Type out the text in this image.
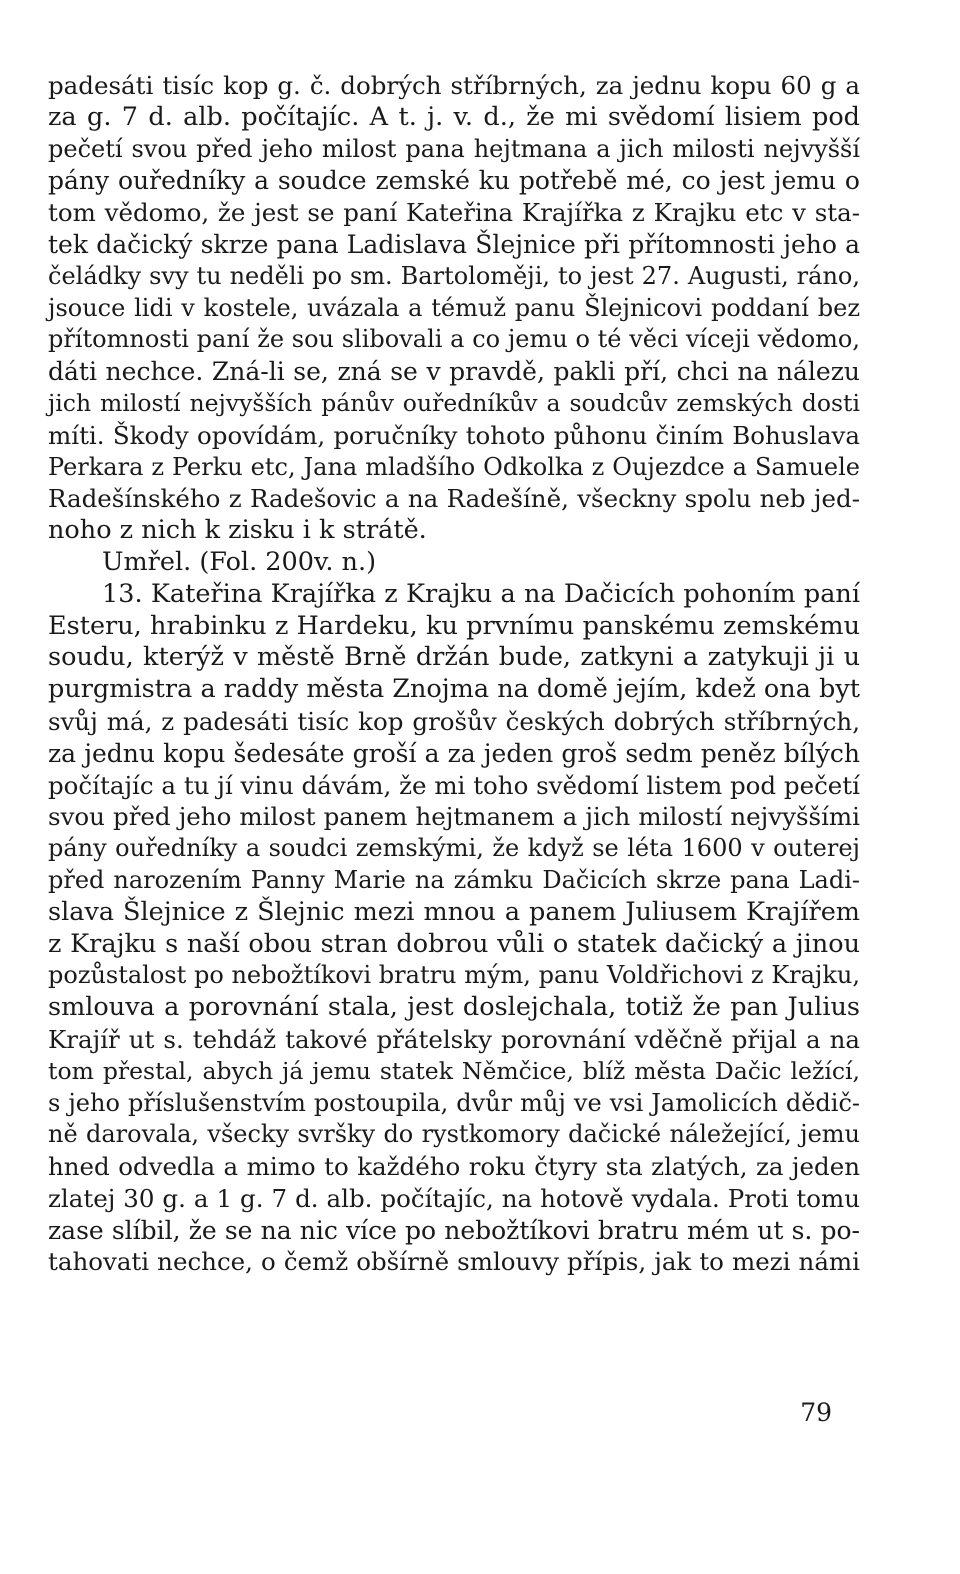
padesáti tisíc kop g. č. dobrých stříbrných, za jednu kopu 60 g a
za g. 7 d. alb. počítajíc. A t. j. v. d., že mi svědomí lisiem pod
pečetí svou před jeho milost pana hejtmana a jich milosti nejvyšší
pány ouředníky a soudce zemské ku potřebě mé, co jest jemu o
tom vědomo, že jest se paní Kateřina Krajířka z Krajku etc v sta-
tek dačický skrze pana Ladislava Šlejnice při přítomnosti jeho a
čeládky svy tu neděli po sm. Bartoloměji, to jest 27. Augusti, ráno,
jsouce lidi v kostele, uvázala a témuž panu Šlejnicovi poddaní bez
přítomnosti paní že sou slibovali a co jemu o té věci víceji vědomo,
dáti nechce. Zná-li se, zná se v pravdě, pakli pří, chci na nálezu
jich milostí nejvyšších pánův ouředníkův a soudcův zemských dosti
míti. Škody opovídám, poručníky tohoto půhonu činím Bohuslava
Perkara z Perku etc, Jana mladšího Odkolka z Oujezdce a Samuele
Radešínského z Radešovic a na Radešíně, všeckny spolu neb jed-
noho z nich k zisku i k strátě.
Umřel. (Fol. 200v. n.)
13. Kateřina Krajířka z Krajku a na Dačicích pohoním paní
Esteru, hrabinku z Hardeku, ku prvnímu panskému zemskému
soudu, kterýž v městě Brně držán bude, zatkyni a zatykuji ji u
purgmistra a raddy města Znojma na domě jejím, kdež ona byt
svůj má, z padesáti tisíc kop grošův českých dobrých stříbrných,
za jednu kopu šedesáte groší a za jeden groš sedm peněz bílých
počítajíc a tu jí vinu dávám, že mi toho svědomí listem pod pečetí
svou před jeho milost panem hejtmanem a jich milostí nejvyššími
pány ouředníky a soudci zemskými, že když se léta 1600 v outerej
před narozením Panny Marie na zámku Dačicích skrze pana Ladi-
slava Šlejnice z Šlejnic mezi mnou a panem Juliusem Krajířem
z Krajku s naší obou stran dobrou vůli o statek dačický a jinou
pozůstalost po nebožtíkovi bratru mým, panu Voldřichovi z Krajku,
smlouva a porovnání stala, jest doslejchala, totiž že pan Julius
Krajíř ut s. tehdáž takové přátelsky porovnání vděčně přijal a na
tom přestal, abych já jemu statek Němčice, blíž města Dačic ležící,
s jeho příslušenstvím postoupila, dvůr můj ve vsi Jamolicích dědič-
ně darovala, všecky svršky do rystkomory dačické náležející, jemu
hned odvedla a mimo to každého roku čtyry sta zlatých, za jeden
zlatej 30 g. a 1 g. 7 d. alb. počítajíc, na hotově vydala. Proti tomu
zase slíbil, že se na nic více po nebožtíkovi bratru mém ut s. po-
tahovati nechce, o čemž obšírně smlouvy přípis, jak to mezi námi
79
